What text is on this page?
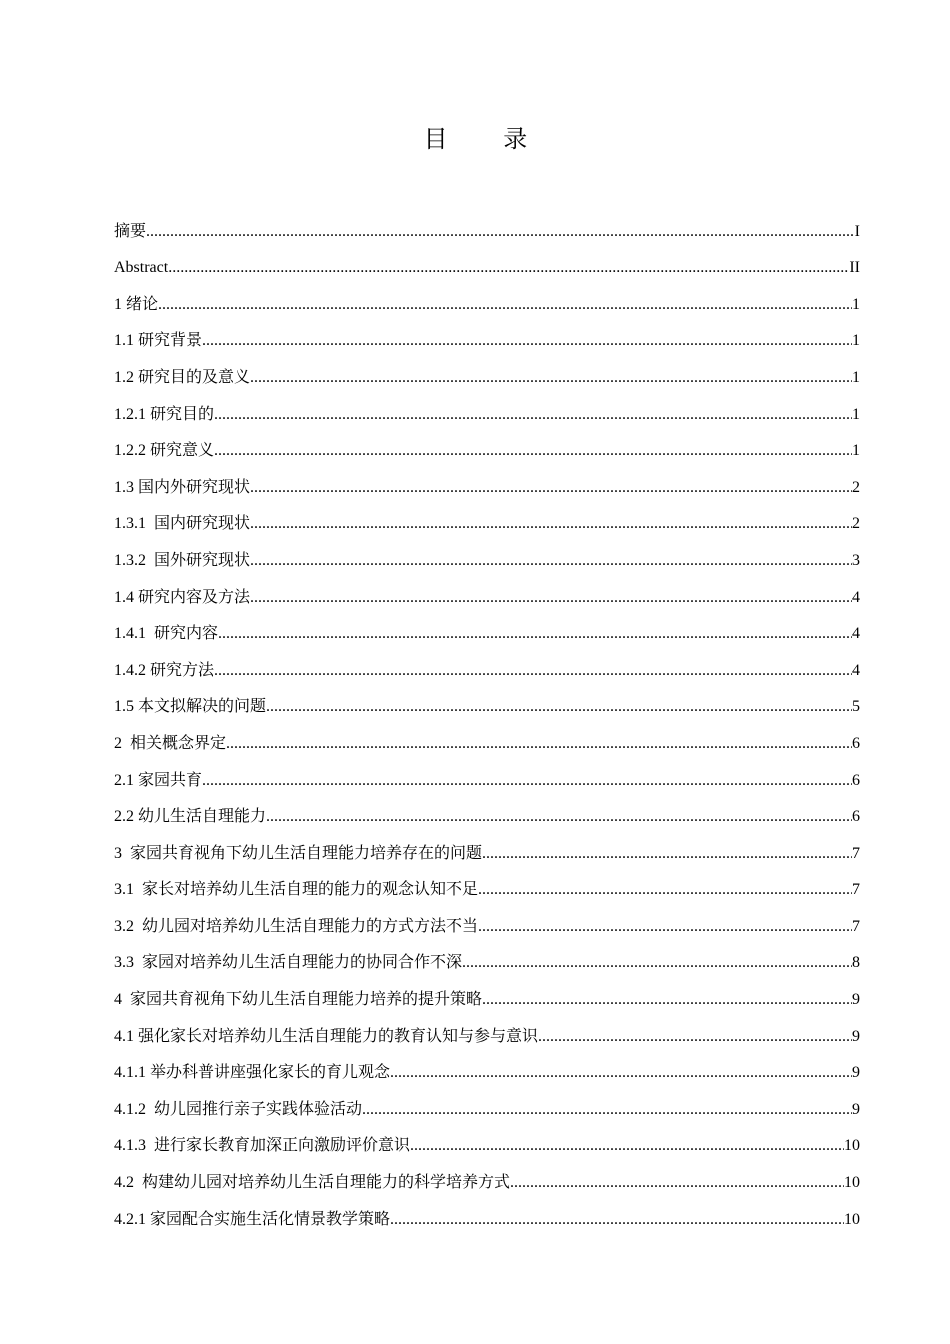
目 录
摘要 .....	I
Abstract .....	II
1 绪论 .....	1
1.1 研究背景 .....	1
1.2 研究目的及意义 .....	1
1.2.1 研究目的 .....	1
1.2.2 研究意义 .....	1
1.3 国内外研究现状 .....	2
1.3.1  国内研究现状 .....	2
1.3.2  国外研究现状 .....	3
1.4 研究内容及方法 .....	4
1.4.1  研究内容 .....	4
1.4.2 研究方法 .....	4
1.5 本文拟解决的问题 .....	5
2  相关概念界定 .....	6
2.1 家园共育 .....	6
2.2 幼儿生活自理能力 .....	6
3  家园共育视角下幼儿生活自理能力培养存在的问题 .....	7
3.1  家长对培养幼儿生活自理的能力的观念认知不足 .....	7
3.2  幼儿园对培养幼儿生活自理能力的方式方法不当 .....	7
3.3  家园对培养幼儿生活自理能力的协同合作不深 .....	8
4  家园共育视角下幼儿生活自理能力培养的提升策略 .....	9
4.1 强化家长对培养幼儿生活自理能力的教育认知与参与意识 .....	9
4.1.1 举办科普讲座强化家长的育儿观念 .....	9
4.1.2  幼儿园推行亲子实践体验活动 .....	9
4.1.3  进行家长教育加深正向激励评价意识 .....	10
4.2  构建幼儿园对培养幼儿生活自理能力的科学培养方式 .....	10
4.2.1 家园配合实施生活化情景教学策略 .....	10
